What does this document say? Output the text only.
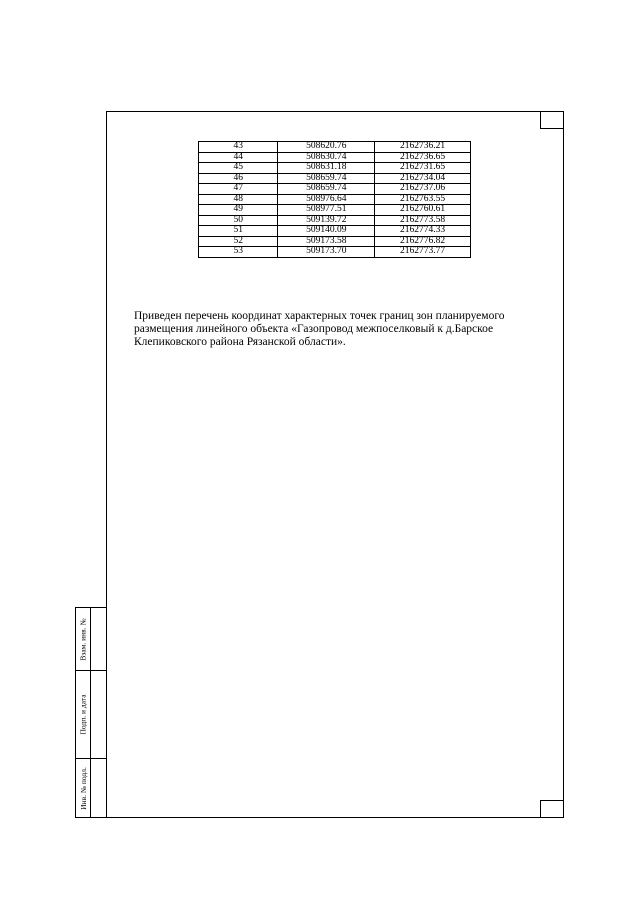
Взам. инв. №
Подп. и дата
Инв. № подл.
43	508620.76	2162736.21
44	508630.74	2162736.65
45	508631.18	2162731.65
46	508659.74	2162734.04
47	508659.74	2162737.06
48	508976.64	2162763.55
49	508977.51	2162760.61
50	509139.72	2162773.58
51	509140.09	2162774.33
52	509173.58	2162776.82
53	509173.70	2162773.77
Приведен перечень координат характерных точек границ зон планируемого размещения линейного объекта «Газопровод межпоселковый к д.Барское Клепиковского района Рязанской области».
